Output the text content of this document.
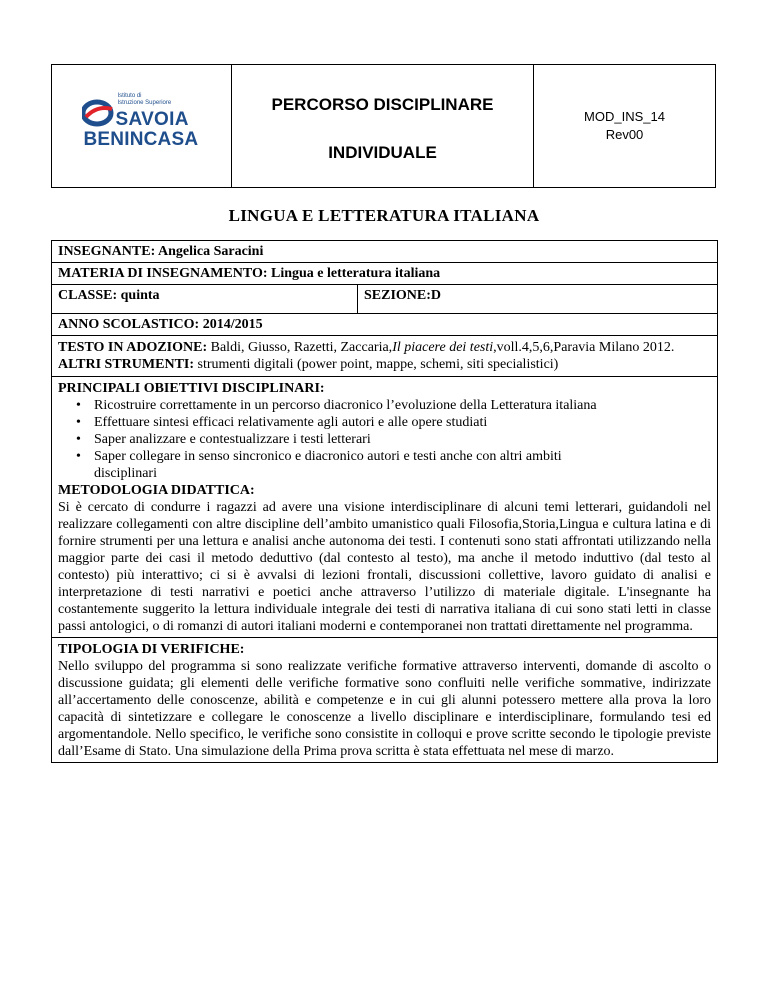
Istituto di
Istruzione Superiore
SAVOIA
BENINCASA

PERCORSO DISCIPLINARE
INDIVIDUALE

MOD_INS_14
Rev00
LINGUA E LETTERATURA ITALIANA
INSEGNANTE: Angelica Saracini
MATERIA DI INSEGNAMENTO: Lingua e letteratura italiana
CLASSE: quinta	SEZIONE:D
ANNO SCOLASTICO: 2014/2015

TESTO IN ADOZIONE: Baldi, Giusso, Razetti, Zaccaria,Il piacere dei testi,voll.4,5,6,Paravia Milano 2012.
ALTRI STRUMENTI: strumenti digitali (power point, mappe, schemi, siti specialistici)

PRINCIPALI OBIETTIVI DISCIPLINARI:
• Ricostruire correttamente in un percorso diacronico l’evoluzione della Letteratura italiana
• Effettuare sintesi efficaci relativamente agli autori e alle opere studiati
• Saper analizzare e contestualizzare i testi letterari
• Saper collegare in senso sincronico e diacronico autori e testi anche con altri ambiti disciplinari
METODOLOGIA DIDATTICA:
Si è cercato di condurre i ragazzi ad avere una visione interdisciplinare di alcuni temi letterari, guidandoli nel realizzare collegamenti con altre discipline dell’ambito umanistico quali Filosofia,Storia,Lingua e cultura latina e di fornire strumenti per una lettura e analisi anche autonoma dei testi. I contenuti sono stati affrontati utilizzando nella maggior parte dei casi il metodo deduttivo (dal contesto al testo), ma anche il metodo induttivo (dal testo al contesto) più interattivo; ci si è avvalsi di lezioni frontali, discussioni collettive, lavoro guidato di analisi e interpretazione di testi narrativi e poetici anche attraverso l’utilizzo di materiale digitale. L'insegnante ha costantemente suggerito la lettura individuale integrale dei testi di narrativa italiana di cui sono stati letti in classe passi antologici, o di romanzi di autori italiani moderni e contemporanei non trattati direttamente nel programma.

TIPOLOGIA DI VERIFICHE:
Nello sviluppo del programma si sono realizzate verifiche formative attraverso interventi, domande di ascolto o discussione guidata; gli elementi delle verifiche formative sono confluiti nelle verifiche sommative, indirizzate all’accertamento delle conoscenze, abilità e competenze e in cui gli alunni potessero mettere alla prova la loro capacità di sintetizzare e collegare le conoscenze a livello disciplinare e interdisciplinare, formulando tesi ed argomentandole. Nello specifico, le verifiche sono consistite in colloqui e prove scritte secondo le tipologie previste dall’Esame di Stato. Una simulazione della Prima prova scritta è stata effettuata nel mese di marzo.
